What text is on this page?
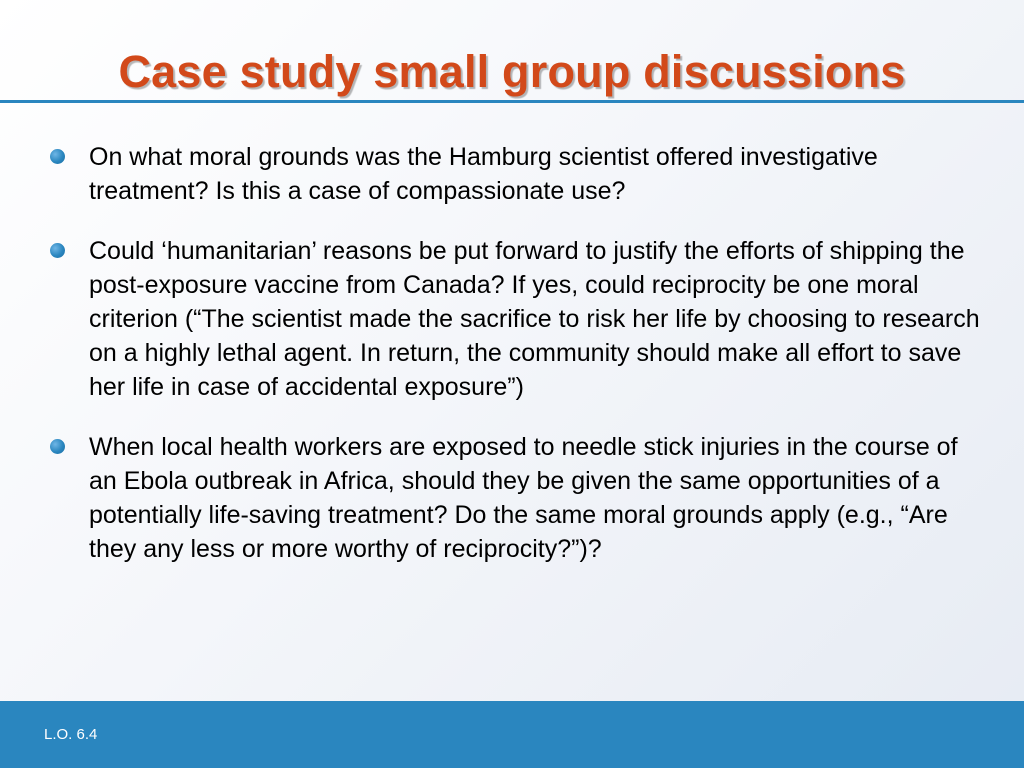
Case study small group discussions
On what moral grounds was the Hamburg scientist offered investigative treatment? Is this a case of compassionate use?
Could ‘humanitarian’ reasons be put forward to justify the efforts of shipping the post-exposure vaccine from Canada? If yes, could reciprocity be one moral criterion (“The scientist made the sacrifice to risk her life by choosing to research on a highly lethal agent. In return, the community should make all effort to save her life in case of accidental exposure”)
When local health workers are exposed to needle stick injuries in the course of an Ebola outbreak in Africa, should they be given the same opportunities of a potentially life-saving treatment? Do the same moral grounds apply (e.g., “Are they any less or more worthy of reciprocity?”)?
L.O. 6.4
